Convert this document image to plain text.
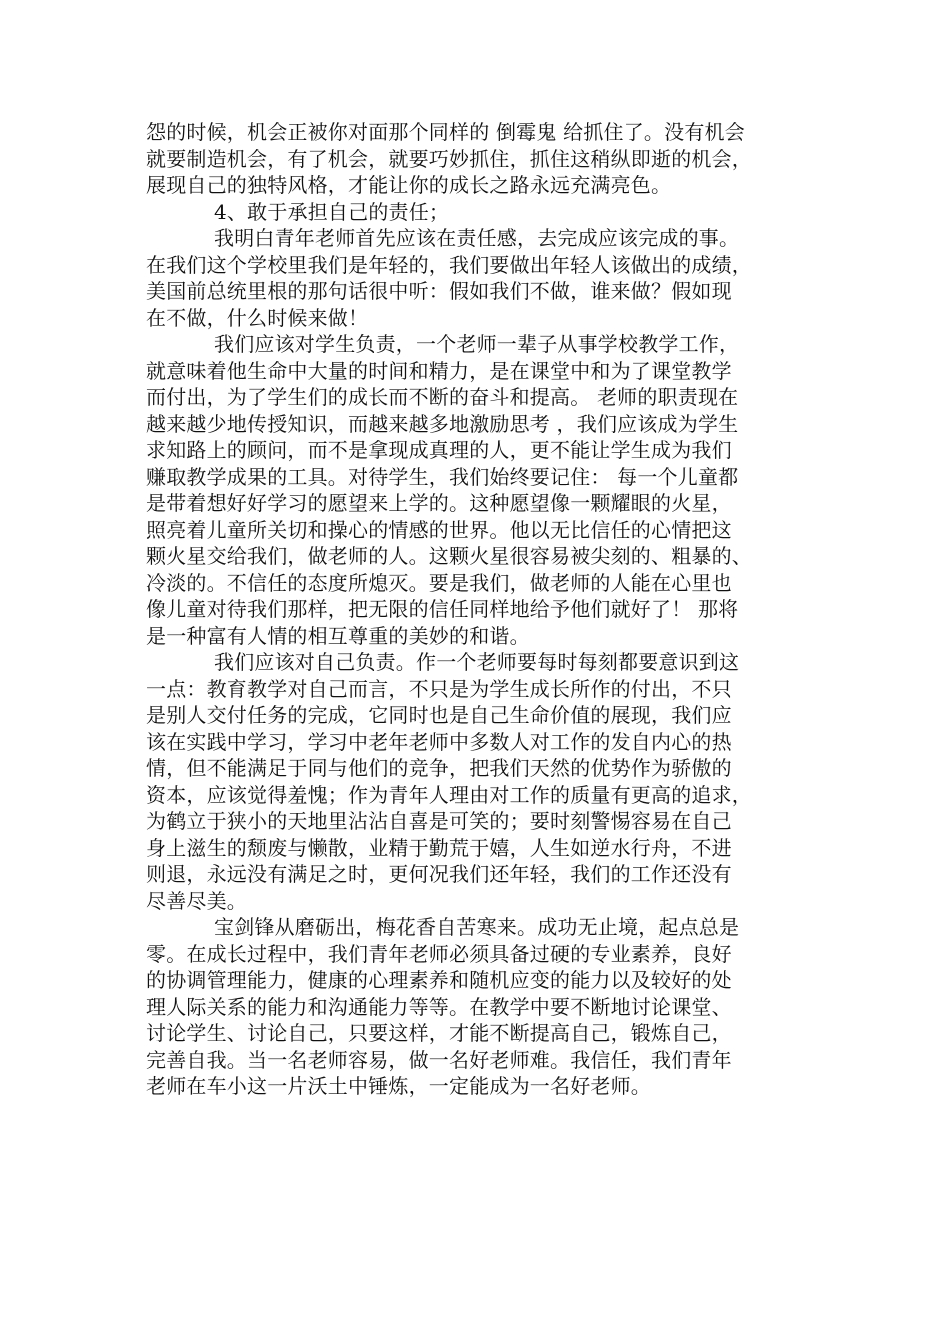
怨的时候，机会正被你对面那个同样的 倒霉鬼 给抓住了。没有机会
就要制造机会，有了机会，就要巧妙抓住，抓住这稍纵即逝的机会，
展现自己的独特风格，才能让你的成长之路永远充满亮色。
4、敢于承担自己的责任；
我明白青年老师首先应该在责任感，去完成应该完成的事。
在我们这个学校里我们是年轻的，我们要做出年轻人该做出的成绩，
美国前总统里根的那句话很中听：假如我们不做，谁来做？假如现
在不做，什么时候来做！
我们应该对学生负责，一个老师一辈子从事学校教学工作，
就意味着他生命中大量的时间和精力，是在课堂中和为了课堂教学
而付出，为了学生们的成长而不断的奋斗和提高。 老师的职责现在
越来越少地传授知识，而越来越多地激励思考 ，我们应该成为学生
求知路上的顾问，而不是拿现成真理的人，更不能让学生成为我们
赚取教学成果的工具。对待学生，我们始终要记住： 每一个儿童都
是带着想好好学习的愿望来上学的。这种愿望像一颗耀眼的火星，
照亮着儿童所关切和操心的情感的世界。他以无比信任的心情把这
颗火星交给我们，做老师的人。这颗火星很容易被尖刻的、粗暴的、
冷淡的。不信任的态度所熄灭。要是我们，做老师的人能在心里也
像儿童对待我们那样，把无限的信任同样地给予他们就好了！ 那将
是一种富有人情的相互尊重的美妙的和谐。
我们应该对自己负责。作一个老师要每时每刻都要意识到这
一点：教育教学对自己而言，不只是为学生成长所作的付出，不只
是别人交付任务的完成，它同时也是自己生命价值的展现，我们应
该在实践中学习，学习中老年老师中多数人对工作的发自内心的热
情，但不能满足于同与他们的竞争，把我们天然的优势作为骄傲的
资本，应该觉得羞愧；作为青年人理由对工作的质量有更高的追求，
为鹤立于狭小的天地里沾沾自喜是可笑的；要时刻警惕容易在自己
身上滋生的颓废与懒散，业精于勤荒于嬉，人生如逆水行舟，不进
则退，永远没有满足之时，更何况我们还年轻，我们的工作还没有
尽善尽美。
宝剑锋从磨砺出，梅花香自苦寒来。成功无止境，起点总是
零。在成长过程中，我们青年老师必须具备过硬的专业素养，良好
的协调管理能力，健康的心理素养和随机应变的能力以及较好的处
理人际关系的能力和沟通能力等等。在教学中要不断地讨论课堂、
讨论学生、讨论自己，只要这样，才能不断提高自己，锻炼自己，
完善自我。当一名老师容易，做一名好老师难。我信任，我们青年
老师在车小这一片沃土中锤炼，一定能成为一名好老师。
